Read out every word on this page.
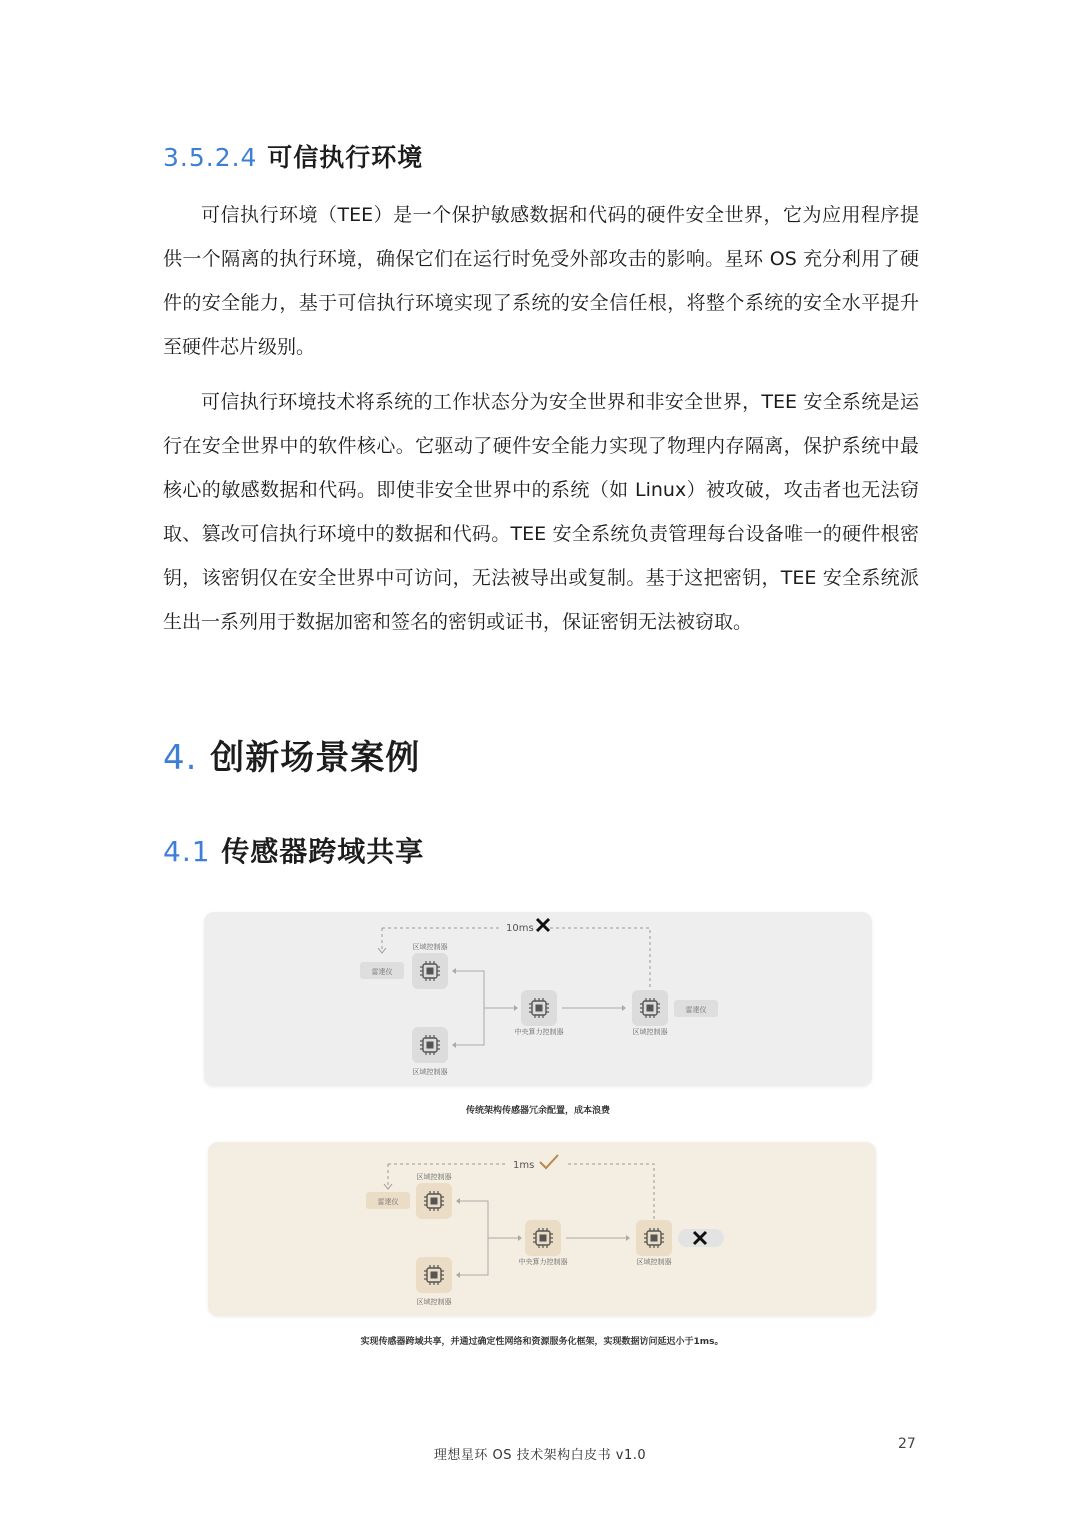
3.5.2.4 可信执行环境

可信执行环境（TEE）是一个保护敏感数据和代码的硬件安全世界，它为应用程序提供一个隔离的执行环境，确保它们在运行时免受外部攻击的影响。星环 OS 充分利用了硬件的安全能力，基于可信执行环境实现了系统的安全信任根，将整个系统的安全水平提升至硬件芯片级别。

可信执行环境技术将系统的工作状态分为安全世界和非安全世界，TEE 安全系统是运行在安全世界中的软件核心。它驱动了硬件安全能力实现了物理内存隔离，保护系统中最核心的敏感数据和代码。即使非安全世界中的系统（如 Linux）被攻破，攻击者也无法窃取、篡改可信执行环境中的数据和代码。TEE 安全系统负责管理每台设备唯一的硬件根密钥，该密钥仅在安全世界中可访问，无法被导出或复制。基于这把密钥，TEE 安全系统派生出一系列用于数据加密和签名的密钥或证书，保证密钥无法被窃取。

4. 创新场景案例
4.1 传感器跨域共享
10ms
雷達仪
区域控制器
区域控制器
中央算力控制器	区域控制器
雷達仪
传统架构传感器冗余配置，成本浪费
1ms
雷達仪
区域控制器
区域控制器
中央算力控制器	区域控制器
实现传感器跨域共享，并通过确定性网络和资源服务化框架，实现数据访问延迟小于1ms。
理想星环 OS 技术架构白皮书 v1.0
27
